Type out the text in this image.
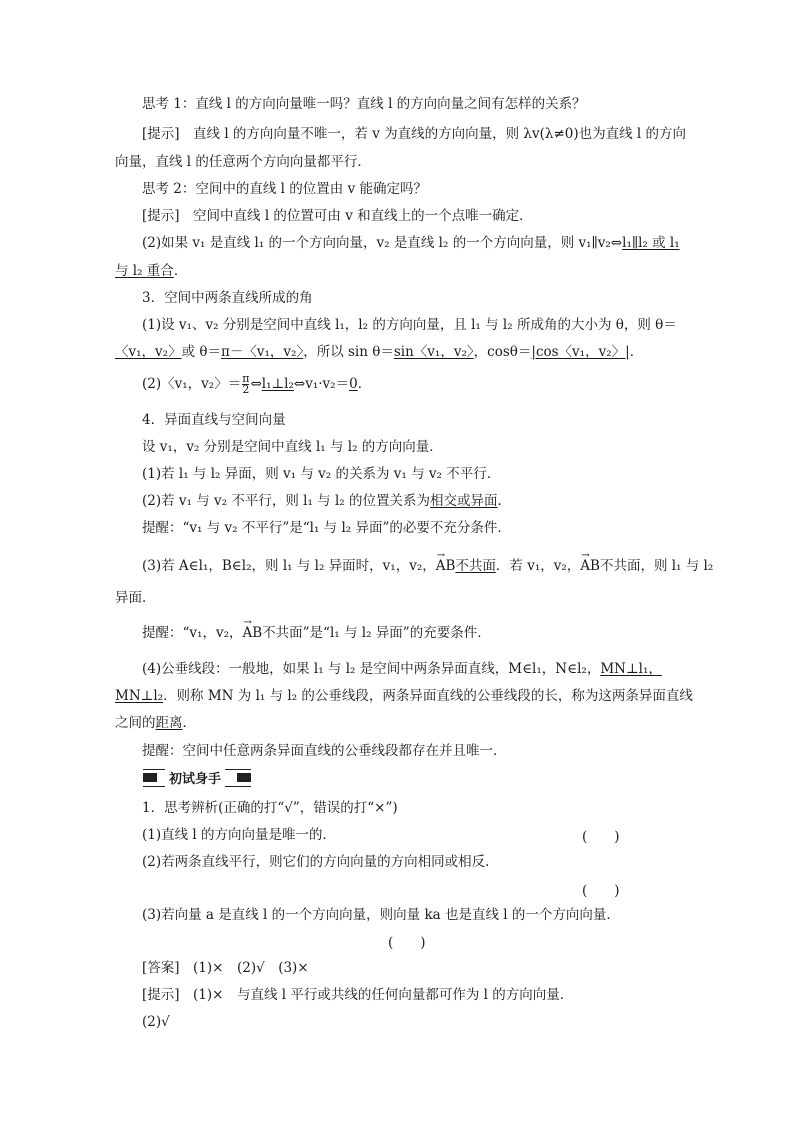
思考 1：直线 l 的方向向量唯一吗？直线 l 的方向向量之间有怎样的关系？
[提示]　直线 l 的方向向量不唯一，若 v 为直线的方向向量，则 λv(λ≠0)也为直线 l 的方向
向量，直线 l 的任意两个方向向量都平行．
思考 2：空间中的直线 l 的位置由 v 能确定吗？
[提示]　空间中直线 l 的位置可由 v 和直线上的一个点唯一确定．
(2)如果 v₁ 是直线 l₁ 的一个方向向量，v₂ 是直线 l₂ 的一个方向向量，则 v₁∥v₂⇔l₁∥l₂ 或 l₁
与 l₂ 重合．
3．空间中两条直线所成的角
(1)设 v₁、v₂ 分别是空间中直线 l₁，l₂ 的方向向量，且 l₁ 与 l₂ 所成角的大小为 θ，则 θ＝
〈v₁，v₂〉或 θ＝π－〈v₁，v₂〉，所以 sin θ＝sin〈v₁，v₂〉，cosθ＝|cos〈v₁，v₂〉|．
(2)〈v₁，v₂〉＝ $\frac{\pi}{2}$ ⇔l₁⊥l₂⇔v₁·v₂＝0．
4．异面直线与空间向量
设 v₁，v₂ 分别是空间中直线 l₁ 与 l₂ 的方向向量．
(1)若 l₁ 与 l₂ 异面，则 v₁ 与 v₂ 的关系为 v₁ 与 v₂ 不平行．
(2)若 v₁ 与 v₂ 不平行，则 l₁ 与 l₂ 的位置关系为相交或异面．
提醒：“v₁ 与 v₂ 不平行”是“l₁ 与 l₂ 异面”的必要不充分条件．
(3)若 A∈l₁，B∈l₂，则 l₁ 与 l₂ 异面时，v₁，v₂，→ AB不共面．若 v₁，v₂，→ AB不共面，则 l₁ 与 l₂
异面．
提醒：“v₁，v₂，→ AB不共面”是“l₁ 与 l₂ 异面”的充要条件．
(4)公垂线段：一般地，如果 l₁ 与 l₂ 是空间中两条异面直线，M∈l₁，N∈l₂，MN⊥l₁，
MN⊥l₂．则称 MN 为 l₁ 与 l₂ 的公垂线段，两条异面直线的公垂线段的长，称为这两条异面直线
之间的距离．
提醒：空间中任意两条异面直线的公垂线段都存在并且唯一．
初试身手
1．思考辨析(正确的打“√”，错误的打“×”)
(1)直线 l 的方向向量是唯一的．	(　　)
(2)若两条直线平行，则它们的方向向量的方向相同或相反．
(　　)
(3)若向量 a 是直线 l 的一个方向向量，则向量 ka 也是直线 l 的一个方向向量．
(　　)
[答案]　(1)×　(2)√　(3)×
[提示]　(1)×　与直线 l 平行或共线的任何向量都可作为 l 的方向向量．
(2)√
